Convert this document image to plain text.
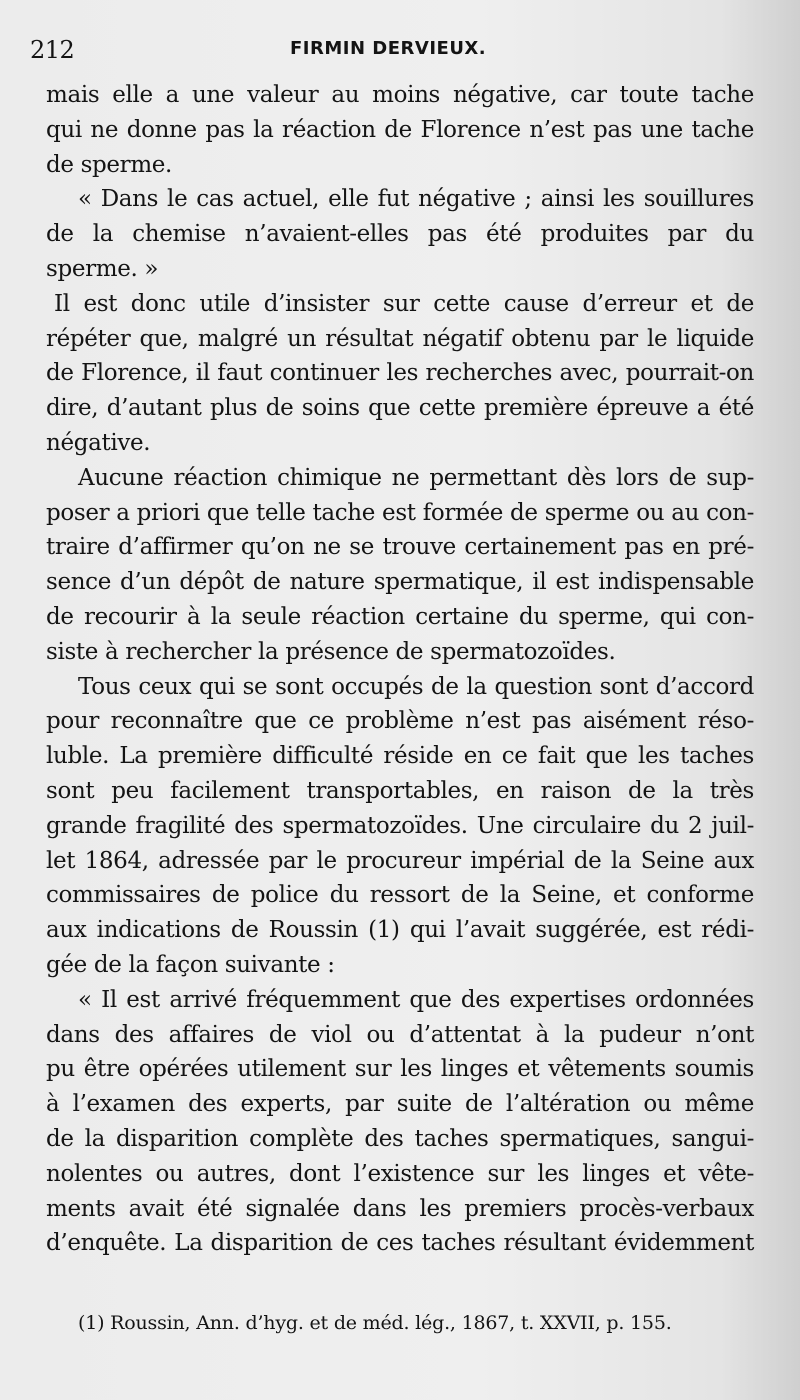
212	FIRMIN DERVIEUX.
mais elle a une valeur au moins négative, car toute tache
qui ne donne pas la réaction de Florence n’est pas une tache
de sperme.
« Dans le cas actuel, elle fut négative ; ainsi les souillures
de la chemise n’avaient-elles pas été produites par du
sperme. »
Il est donc utile d’insister sur cette cause d’erreur et de
répéter que, malgré un résultat négatif obtenu par le liquide
de Florence, il faut continuer les recherches avec, pourrait-on
dire, d’autant plus de soins que cette première épreuve a été
négative.
Aucune réaction chimique ne permettant dès lors de sup-
poser a priori que telle tache est formée de sperme ou au con-
traire d’affirmer qu’on ne se trouve certainement pas en pré-
sence d’un dépôt de nature spermatique, il est indispensable
de recourir à la seule réaction certaine du sperme, qui con-
siste à rechercher la présence de spermatozoïdes.
Tous ceux qui se sont occupés de la question sont d’accord
pour reconnaître que ce problème n’est pas aisément réso-
luble. La première difficulté réside en ce fait que les taches
sont peu facilement transportables, en raison de la très
grande fragilité des spermatozoïdes. Une circulaire du 2 juil-
let 1864, adressée par le procureur impérial de la Seine aux
commissaires de police du ressort de la Seine, et conforme
aux indications de Roussin (1) qui l’avait suggérée, est rédi-
gée de la façon suivante :
« Il est arrivé fréquemment que des expertises ordonnées
dans des affaires de viol ou d’attentat à la pudeur n’ont
pu être opérées utilement sur les linges et vêtements soumis
à l’examen des experts, par suite de l’altération ou même
de la disparition complète des taches spermatiques, sangui-
nolentes ou autres, dont l’existence sur les linges et vête-
ments avait été signalée dans les premiers procès-verbaux
d’enquête. La disparition de ces taches résultant évidemment
(1) Roussin, Ann. d’hyg. et de méd. lég., 1867, t. XXVII, p. 155.
